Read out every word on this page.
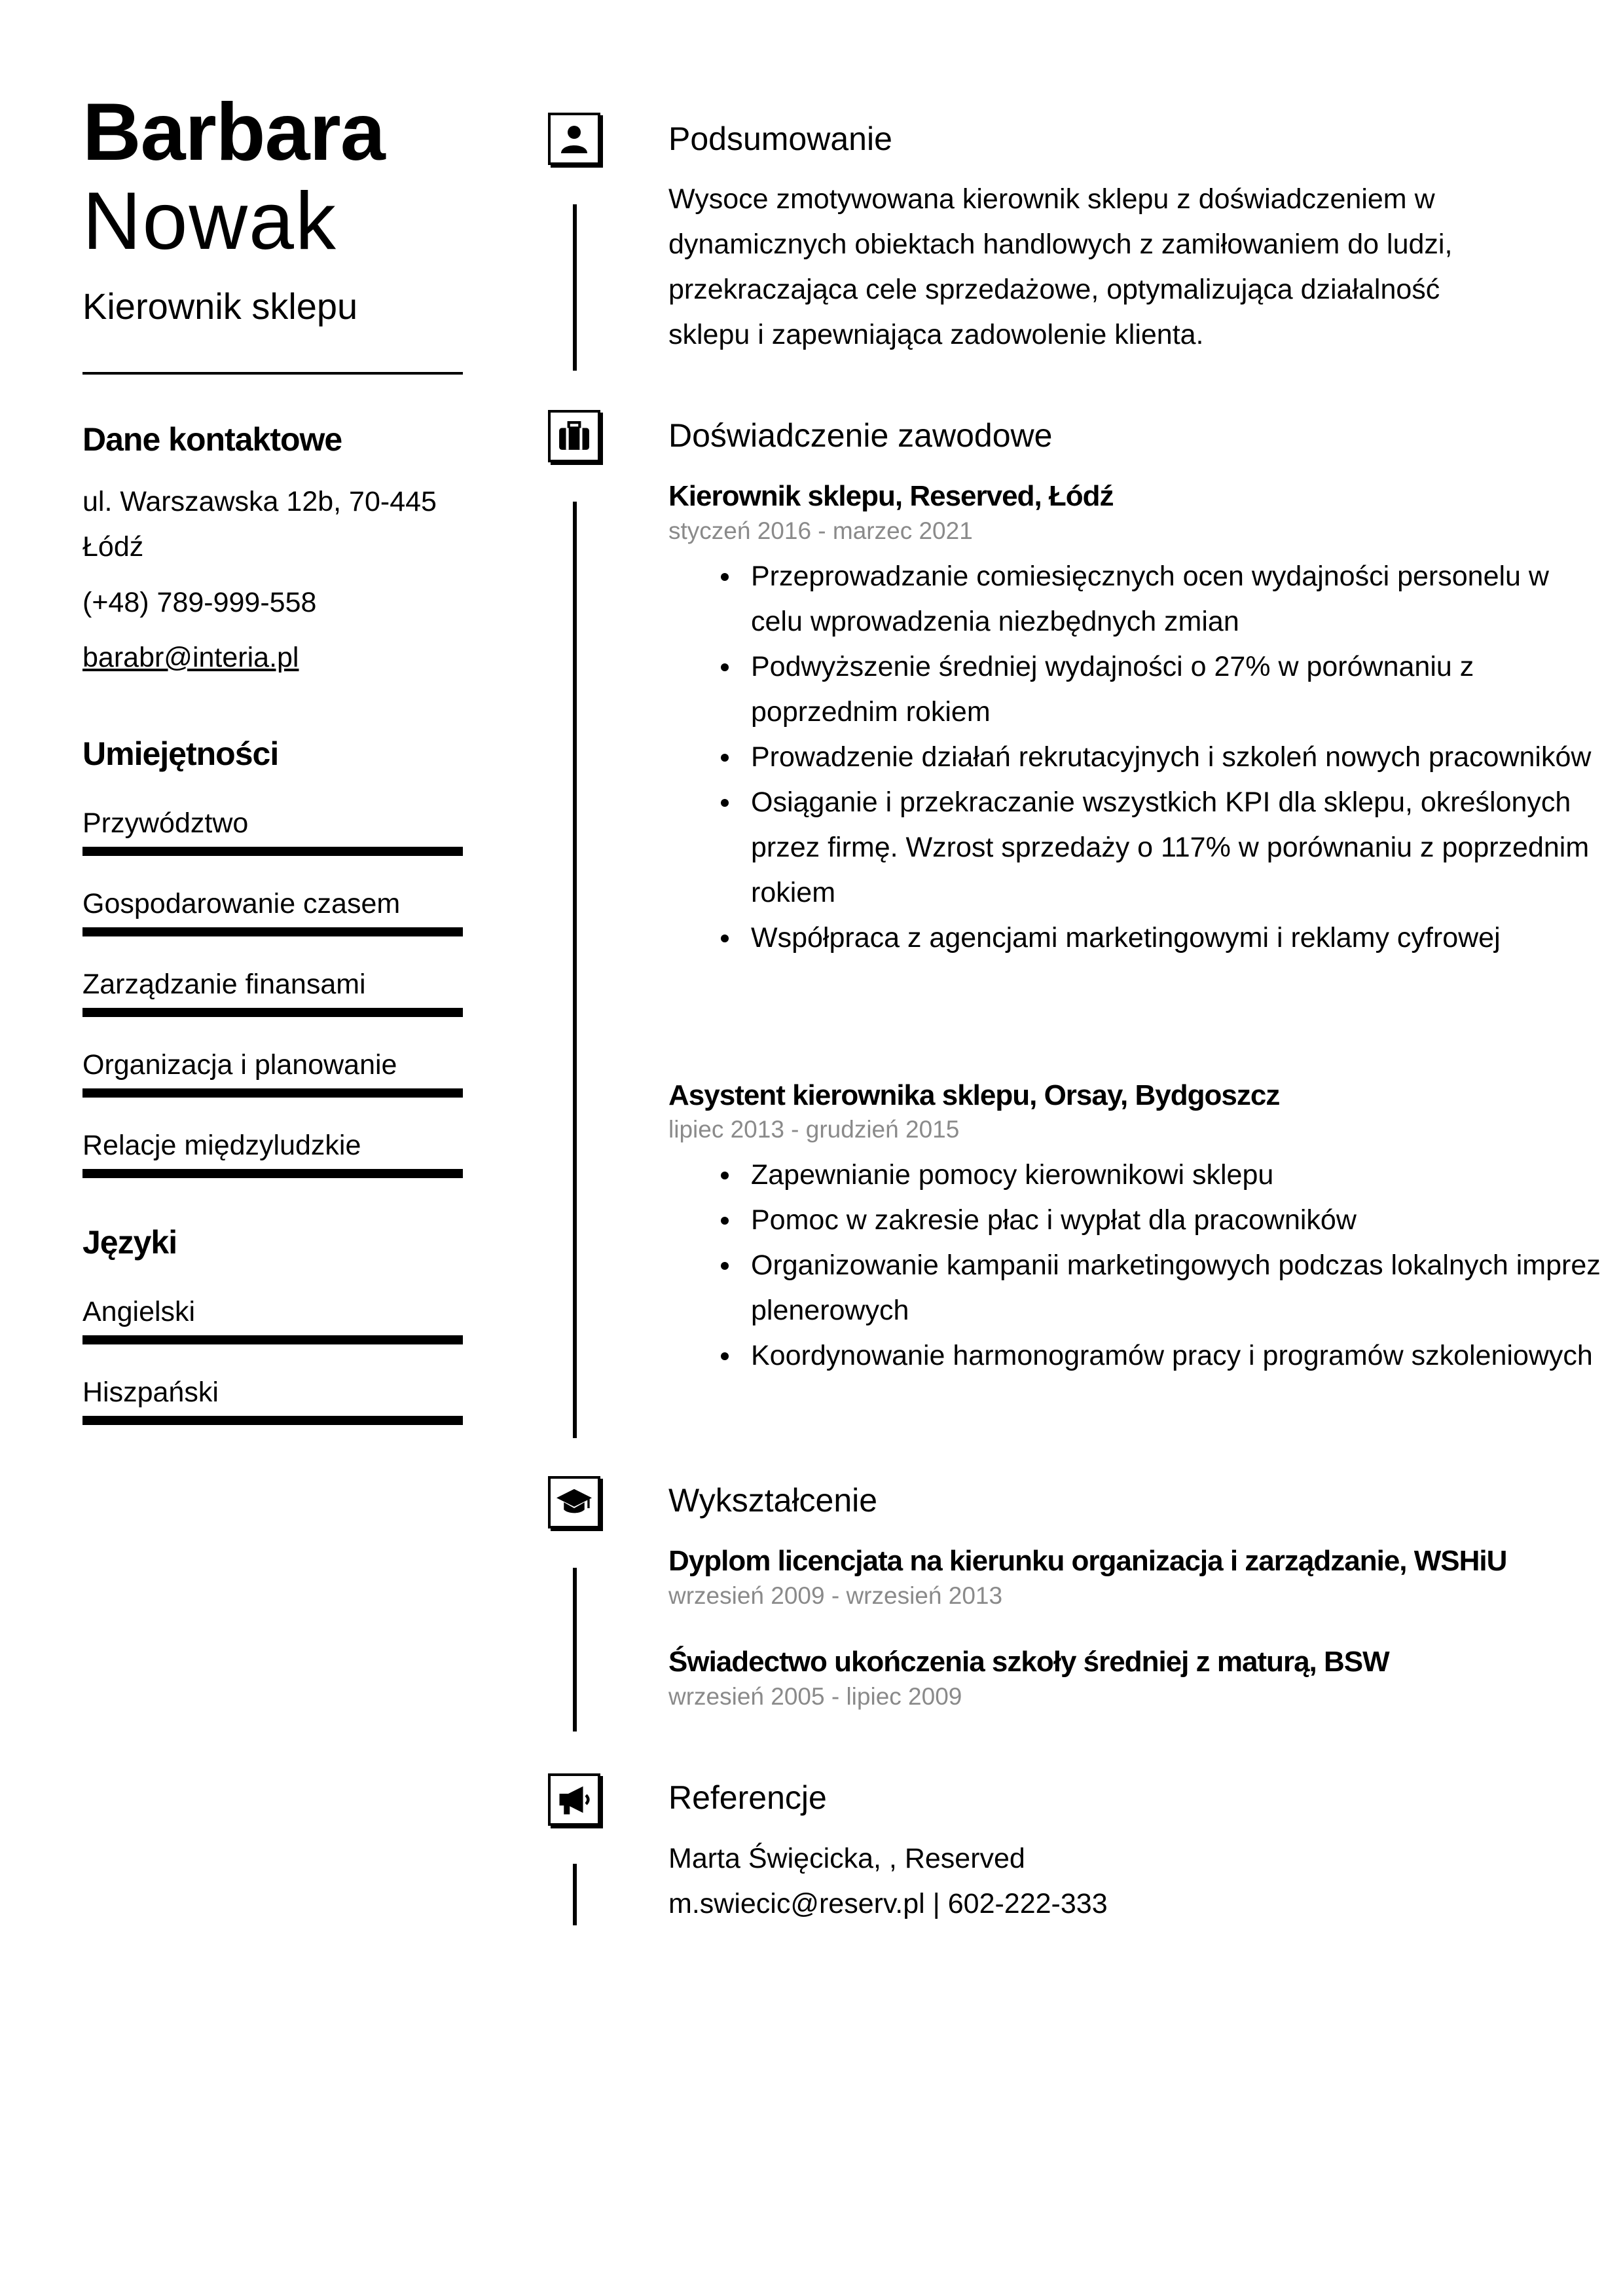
Barbara
Nowak
Kierownik sklepu
Dane kontaktowe
ul. Warszawska 12b, 70-445 Łódź
(+48) 789-999-558
barabr@interia.pl
Umiejętności
Przywództwo
Gospodarowanie czasem
Zarządzanie finansami
Organizacja i planowanie
Relacje międzyludzkie
Języki
Angielski
Hiszpański
Podsumowanie
Wysoce zmotywowana kierownik sklepu z doświadczeniem w dynamicznych obiektach handlowych z zamiłowaniem do ludzi, przekraczająca cele sprzedażowe, optymalizująca działalność sklepu i zapewniająca zadowolenie klienta.
Doświadczenie zawodowe
Kierownik sklepu, Reserved, Łódź
styczeń 2016 - marzec 2021
Przeprowadzanie comiesięcznych ocen wydajności personelu w celu wprowadzenia niezbędnych zmian
Podwyższenie średniej wydajności o 27% w porównaniu z poprzednim rokiem
Prowadzenie działań rekrutacyjnych i szkoleń nowych pracowników
Osiąganie i przekraczanie wszystkich KPI dla sklepu, określonych przez firmę. Wzrost sprzedaży o 117% w porównaniu z poprzednim rokiem
Współpraca z agencjami marketingowymi i reklamy cyfrowej
Asystent kierownika sklepu, Orsay, Bydgoszcz
lipiec 2013 - grudzień 2015
Zapewnianie pomocy kierownikowi sklepu
Pomoc w zakresie płac i wypłat dla pracowników
Organizowanie kampanii marketingowych podczas lokalnych imprez plenerowych
Koordynowanie harmonogramów pracy i programów szkoleniowych
Wykształcenie
Dyplom licencjata na kierunku organizacja i zarządzanie, WSHiU
wrzesień 2009 - wrzesień 2013
Świadectwo ukończenia szkoły średniej z maturą, BSW
wrzesień 2005 - lipiec 2009
Referencje
Marta Święcicka, , Reserved
m.swiecic@reserv.pl | 602-222-333
